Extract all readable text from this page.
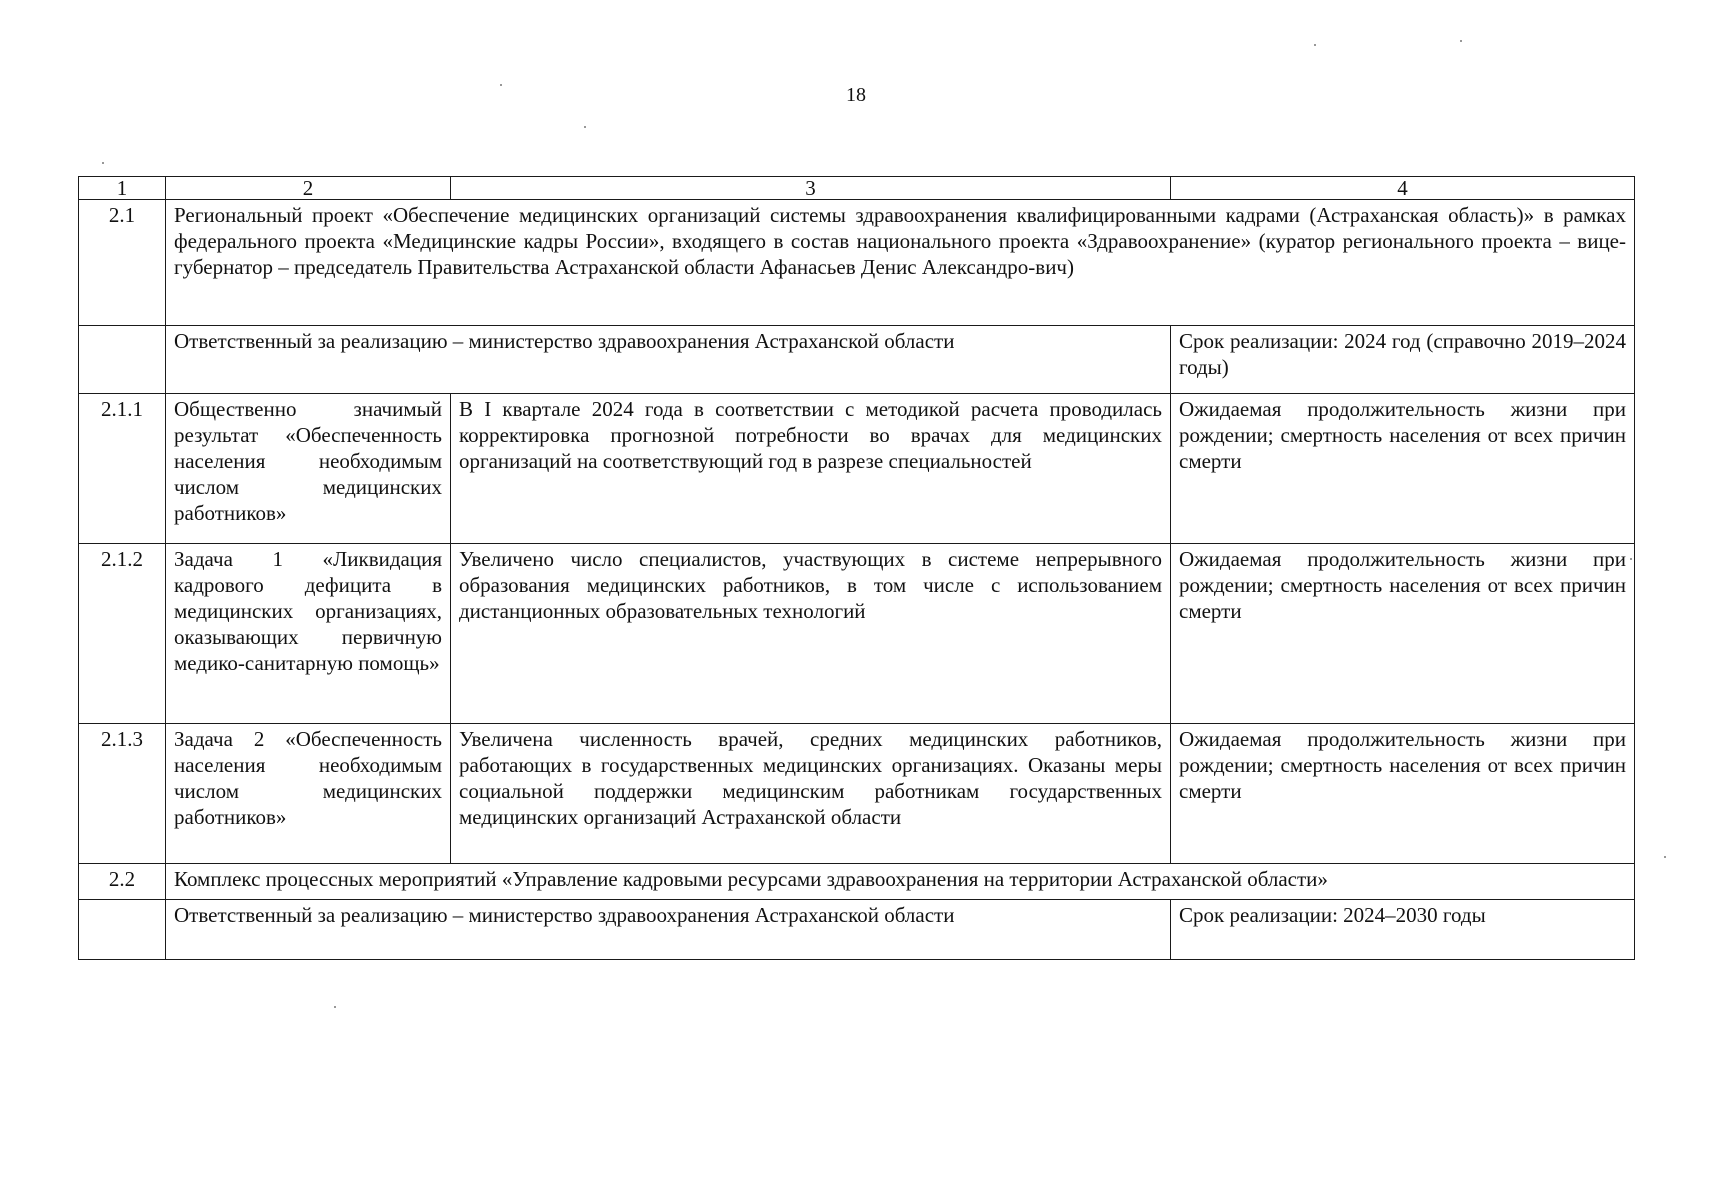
18
1	2	3	4
2.1	Региональный проект «Обеспечение медицинских организаций системы здравоохранения квалифицированными кадрами (Астраханская область)» в рамках федерального проекта «Медицинские кадры России», входящего в состав национального проекта «Здравоохранение» (куратор регионального проекта – вице-губернатор – председатель Правительства Астраханской области Афанасьев Денис Александро-вич)		
	Ответственный за реализацию – министерство здравоохранения Астраханской области		Срок реализации: 2024 год (справочно 2019–2024 годы)
2.1.1	Общественно значимый результат «Обеспеченность населения необходимым числом медицинских работников»	В I квартале 2024 года в соответствии с методикой расчета проводилась корректировка прогнозной потребности во врачах для медицинских организаций на соответствующий год в разрезе специальностей	Ожидаемая продолжительность жизни при рождении; смертность населения от всех причин смерти
2.1.2	Задача 1 «Ликвидация кадрового дефицита в медицинских организациях, оказывающих первичную медико-санитарную помощь»	Увеличено число специалистов, участвующих в системе непрерывного образования медицинских работников, в том числе с использованием дистанционных образовательных технологий	Ожидаемая продолжительность жизни при рождении; смертность населения от всех причин смерти
2.1.3	Задача 2 «Обеспеченность населения необходимым числом медицинских работников»	Увеличена численность врачей, средних медицинских работников, работающих в государственных медицинских организациях. Оказаны меры социальной поддержки медицинским работникам государственных медицинских организаций Астраханской области	Ожидаемая продолжительность жизни при рождении; смертность населения от всех причин смерти
2.2	Комплекс процессных мероприятий «Управление кадровыми ресурсами здравоохранения на территории Астраханской области»		
	Ответственный за реализацию – министерство здравоохранения Астраханской области		Срок реализации: 2024–2030 годы
